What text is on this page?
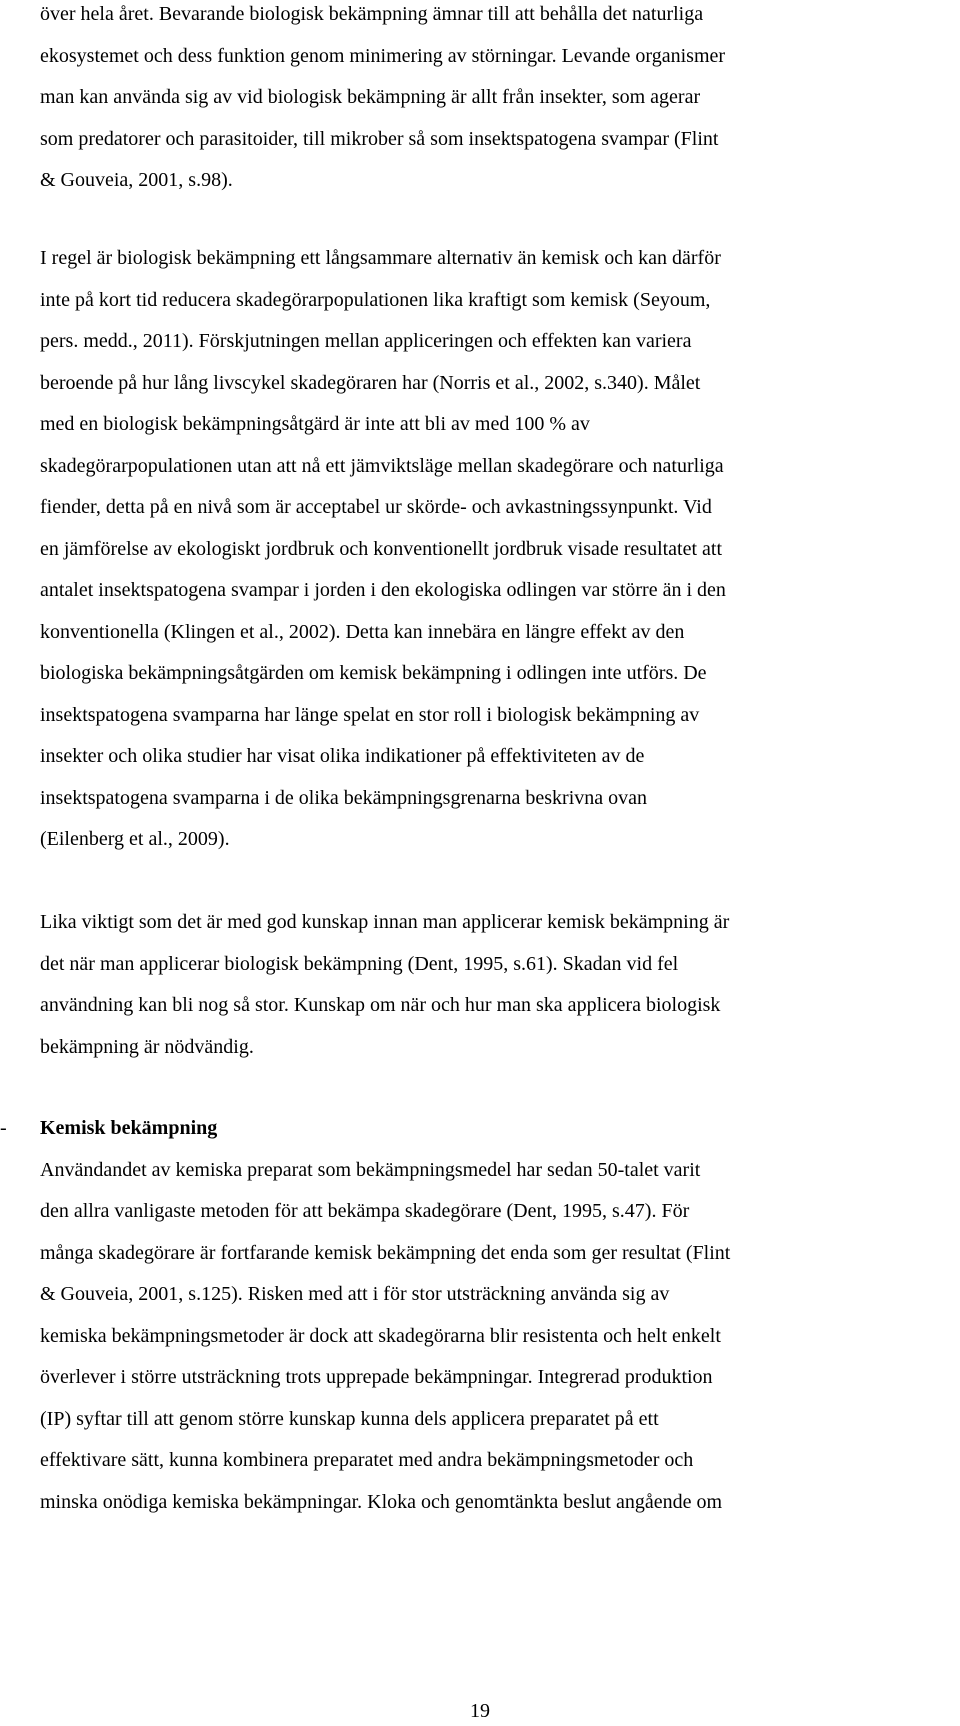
över hela året. Bevarande biologisk bekämpning ämnar till att behålla det naturliga
ekosystemet och dess funktion genom minimering av störningar. Levande organismer
man kan använda sig av vid biologisk bekämpning är allt från insekter, som agerar
som predatorer och parasitoider, till mikrober så som insektspatogena svampar (Flint
& Gouveia, 2001, s.98).
I regel är biologisk bekämpning ett långsammare alternativ än kemisk och kan därför
inte på kort tid reducera skadegörarpopulationen lika kraftigt som kemisk (Seyoum,
pers. medd., 2011). Förskjutningen mellan appliceringen och effekten kan variera
beroende på hur lång livscykel skadegöraren har (Norris et al., 2002, s.340). Målet
med en biologisk bekämpningsåtgärd är inte att bli av med 100 % av
skadegörarpopulationen utan att nå ett jämviktsläge mellan skadegörare och naturliga
fiender, detta på en nivå som är acceptabel ur skörde- och avkastningssynpunkt. Vid
en jämförelse av ekologiskt jordbruk och konventionellt jordbruk visade resultatet att
antalet insektspatogena svampar i jorden i den ekologiska odlingen var större än i den
konventionella (Klingen et al., 2002). Detta kan innebära en längre effekt av den
biologiska bekämpningsåtgärden om kemisk bekämpning i odlingen inte utförs. De
insektspatogena svamparna har länge spelat en stor roll i biologisk bekämpning av
insekter och olika studier har visat olika indikationer på effektiviteten av de
insektspatogena svamparna i de olika bekämpningsgrenarna beskrivna ovan
(Eilenberg et al., 2009).
Lika viktigt som det är med god kunskap innan man applicerar kemisk bekämpning är
det när man applicerar biologisk bekämpning (Dent, 1995, s.61). Skadan vid fel
användning kan bli nog så stor. Kunskap om när och hur man ska applicera biologisk
bekämpning är nödvändig.
- Kemisk bekämpning
Användandet av kemiska preparat som bekämpningsmedel har sedan 50-talet varit
den allra vanligaste metoden för att bekämpa skadegörare (Dent, 1995, s.47). För
många skadegörare är fortfarande kemisk bekämpning det enda som ger resultat (Flint
& Gouveia, 2001, s.125). Risken med att i för stor utsträckning använda sig av
kemiska bekämpningsmetoder är dock att skadegörarna blir resistenta och helt enkelt
överlever i större utsträckning trots upprepade bekämpningar. Integrerad produktion
(IP) syftar till att genom större kunskap kunna dels applicera preparatet på ett
effektivare sätt, kunna kombinera preparatet med andra bekämpningsmetoder och
minska onödiga kemiska bekämpningar. Kloka och genomtänkta beslut angående om
19
